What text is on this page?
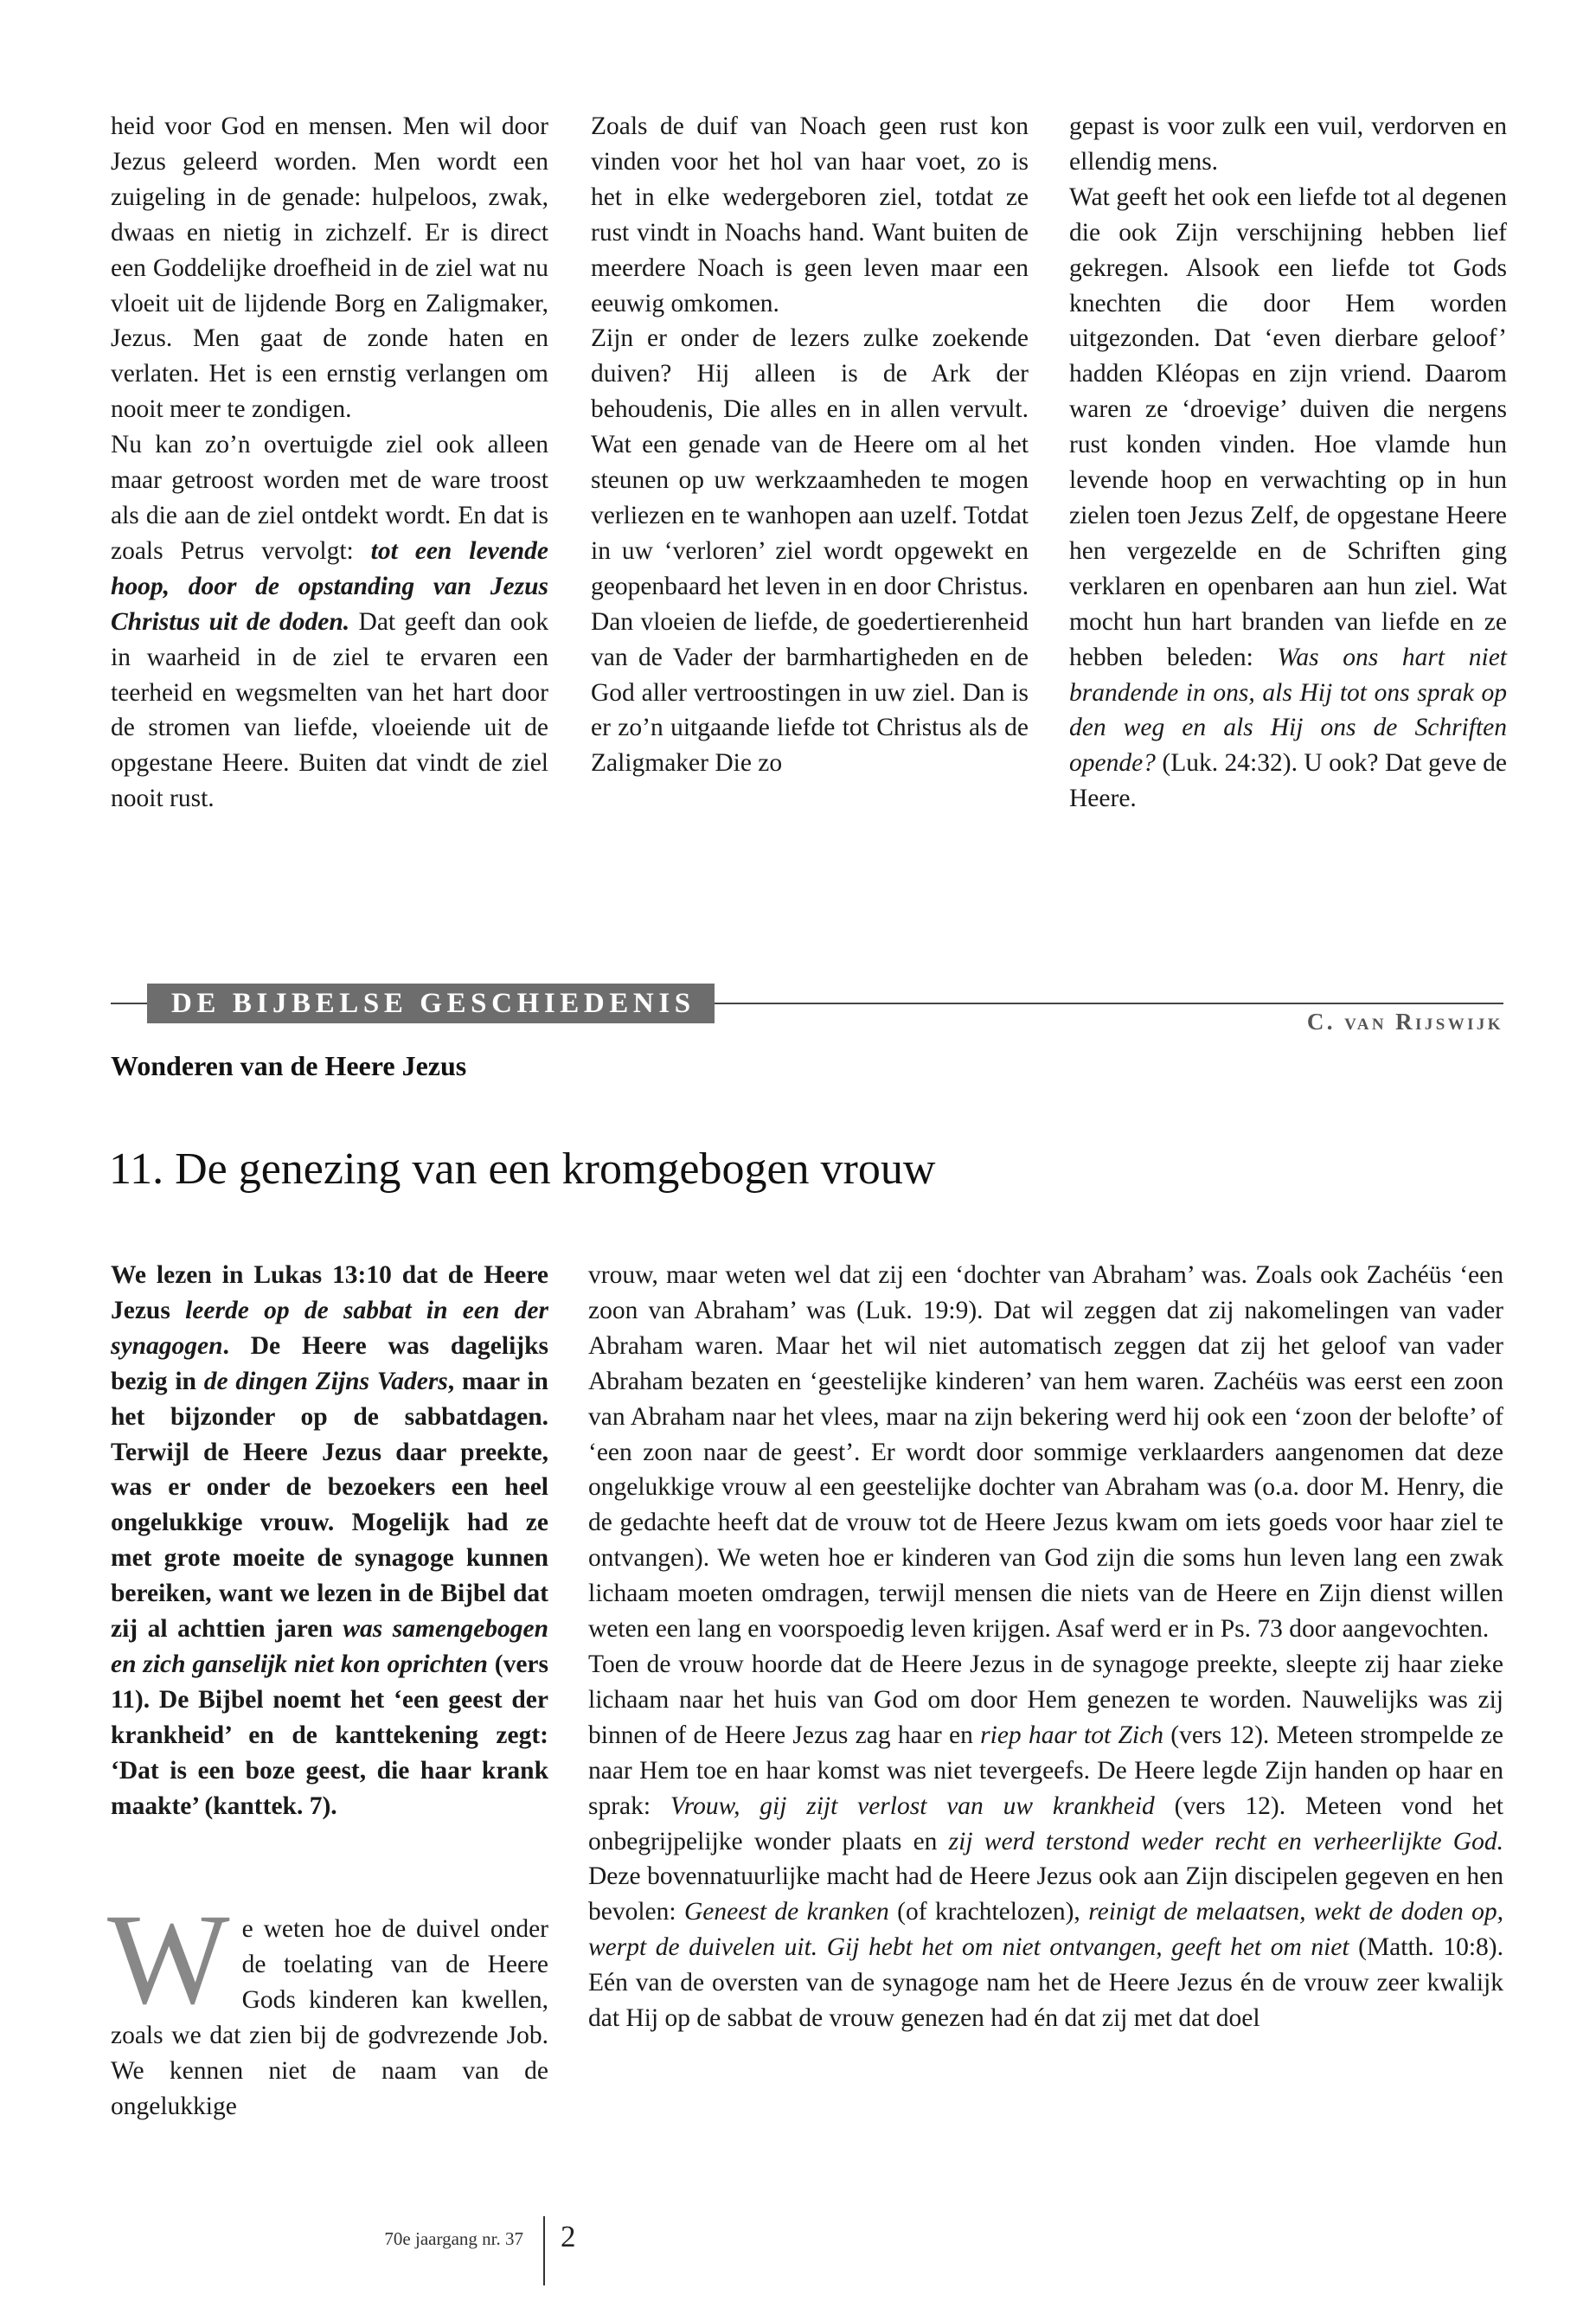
heid voor God en mensen. Men wil door Jezus geleerd worden. Men wordt een zuigeling in de genade: hulpeloos, zwak, dwaas en nietig in zichzelf. Er is direct een Goddelijke droefheid in de ziel wat nu vloeit uit de lijdende Borg en Zaligmaker, Jezus. Men gaat de zonde haten en verlaten. Het is een ernstig verlangen om nooit meer te zondigen.

Nu kan zo’n overtuigde ziel ook alleen maar getroost worden met de ware troost als die aan de ziel ontdekt wordt. En dat is zoals Petrus vervolgt: tot een levende hoop, door de opstanding van Jezus Christus uit de doden. Dat geeft dan ook in waarheid in de ziel te ervaren een teerheid en wegsmelten van het hart door de stromen van liefde, vloeiende uit de opgestane Heere. Buiten dat vindt de ziel nooit rust.

Zoals de duif van Noach geen rust kon vinden voor het hol van haar voet, zo is het in elke wedergeboren ziel, totdat ze rust vindt in Noachs hand. Want buiten de meerdere Noach is geen leven maar een eeuwig omkomen.

Zijn er onder de lezers zulke zoekende duiven? Hij alleen is de Ark der behoudenis, Die alles en in allen vervult. Wat een genade van de Heere om al het steunen op uw werkzaamheden te mogen verliezen en te wanhopen aan uzelf. Totdat in uw ‘verloren’ ziel wordt opgewekt en geopenbaard het leven in en door Christus. Dan vloeien de liefde, de goedertierenheid van de Vader der barmhartigheden en de God aller vertroostingen in uw ziel. Dan is er zo’n uitgaande liefde tot Christus als de Zaligmaker Die zo

gepast is voor zulk een vuil, verdorven en ellendig mens.

Wat geeft het ook een liefde tot al degenen die ook Zijn verschijning hebben lief gekregen. Alsook een liefde tot Gods knechten die door Hem worden uitgezonden. Dat ‘even dierbare geloof’ hadden Kléopas en zijn vriend. Daarom waren ze ‘droevige’ duiven die nergens rust konden vinden. Hoe vlamde hun levende hoop en verwachting op in hun zielen toen Jezus Zelf, de opgestane Heere hen vergezelde en de Schriften ging verklaren en openbaren aan hun ziel. Wat mocht hun hart branden van liefde en ze hebben beleden: Was ons hart niet brandende in ons, als Hij tot ons sprak op den weg en als Hij ons de Schriften opende? (Luk. 24:32). U ook? Dat geve de Heere.

DE BIJBELSE GESCHIEDENIS
C. van Rijswijk
Wonderen van de Heere Jezus
11. De genezing van een kromgebogen vrouw
We lezen in Lukas 13:10 dat de Heere Jezus leerde op de sabbat in een der synagogen. De Heere was dagelijks bezig in de dingen Zijns Vaders, maar in het bijzonder op de sabbatdagen. Terwijl de Heere Jezus daar preekte, was er onder de bezoekers een heel ongelukkige vrouw. Mogelijk had ze met grote moeite de synagoge kunnen bereiken, want we lezen in de Bijbel dat zij al achttien jaren was samengebogen en zich ganselijk niet kon oprichten (vers 11). De Bijbel noemt het ‘een geest der krankheid’ en de kanttekening zegt: ‘Dat is een boze geest, die haar krank maakte’ (kanttek. 7).
We weten hoe de duivel onder de toelating van de Heere Gods kinderen kan kwellen, zoals we dat zien bij de godvrezende Job. We kennen niet de naam van de ongelukkige

vrouw, maar weten wel dat zij een ‘dochter van Abraham’ was. Zoals ook Zachéüs ‘een zoon van Abraham’ was (Luk. 19:9). Dat wil zeggen dat zij nakomelingen van vader Abraham waren. Maar het wil niet automatisch zeggen dat zij het geloof van vader Abraham bezaten en ‘geestelijke kinderen’ van hem waren. Zachéüs was eerst een zoon van Abraham naar het vlees, maar na zijn bekering werd hij ook een ‘zoon der belofte’ of ‘een zoon naar de geest’. Er wordt door sommige verklaarders aangenomen dat deze ongelukkige vrouw al een geestelijke dochter van Abraham was (o.a. door M. Henry, die de gedachte heeft dat de vrouw tot de Heere Jezus kwam om iets goeds voor haar ziel te ontvangen). We weten hoe er kinderen van God zijn die soms hun leven lang een zwak lichaam moeten omdragen, terwijl mensen die niets van de Heere en Zijn dienst willen weten een lang en voorspoedig leven krijgen. Asaf werd er in Ps. 73 door aangevochten.

Toen de vrouw hoorde dat de Heere Jezus in de synagoge preekte, sleepte zij haar zieke lichaam naar het huis van God om door Hem genezen te worden. Nauwelijks was zij binnen of de Heere Jezus zag haar en riep haar tot Zich (vers 12). Meteen strompelde ze naar Hem toe en haar komst was niet tevergeefs. De Heere legde Zijn handen op haar en sprak: Vrouw, gij zijt verlost van uw krankheid (vers 12). Meteen vond het onbegrijpelijke wonder plaats en zij werd terstond weder recht en verheerlijkte God. Deze bovennatuurlijke macht had de Heere Jezus ook aan Zijn discipelen gegeven en hen bevolen: Geneest de kranken (of krachtelozen), reinigt de melaatsen, wekt de doden op, werpt de duivelen uit. Gij hebt het om niet ontvangen, geeft het om niet (Matth. 10:8). Eén van de oversten van de synagoge nam het de Heere Jezus én de vrouw zeer kwalijk dat Hij op de sabbat de vrouw genezen had én dat zij met dat doel

70e jaargang nr. 37 2
